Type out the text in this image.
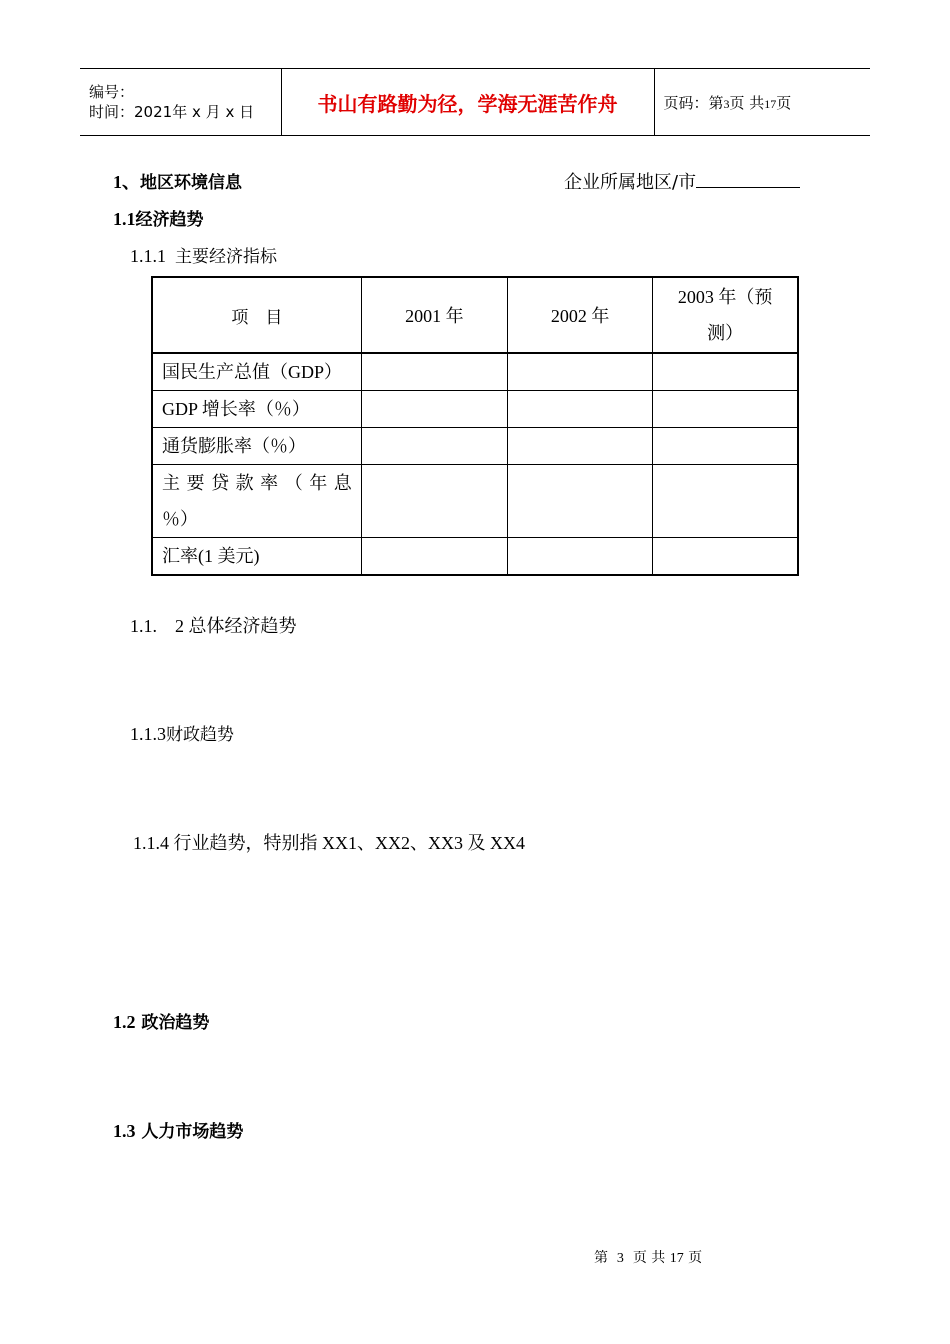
编号：
时间：2021年 x 月 x 日	书山有路勤为径，学海无涯苦作舟	页码：第3页 共17页
1、地区环境信息	企业所属地区/市
1.1经济趋势
1.1.1 主要经济指标
项　目	2001 年	2002 年	2003 年（预
测）

国民生产总值（GDP）			
GDP 增长率（％）			
通货膨胀率（％）			

主要贷款率（年息
％）			

汇率(1 美元)			
1.1. 2 总体经济趋势
1.1.3财政趋势
1.1.4 行业趋势，特别指 XX1、XX2、XX3 及 XX4
1.2 政治趋势
1.3 人力市场趋势
第 3 页 共 17 页
